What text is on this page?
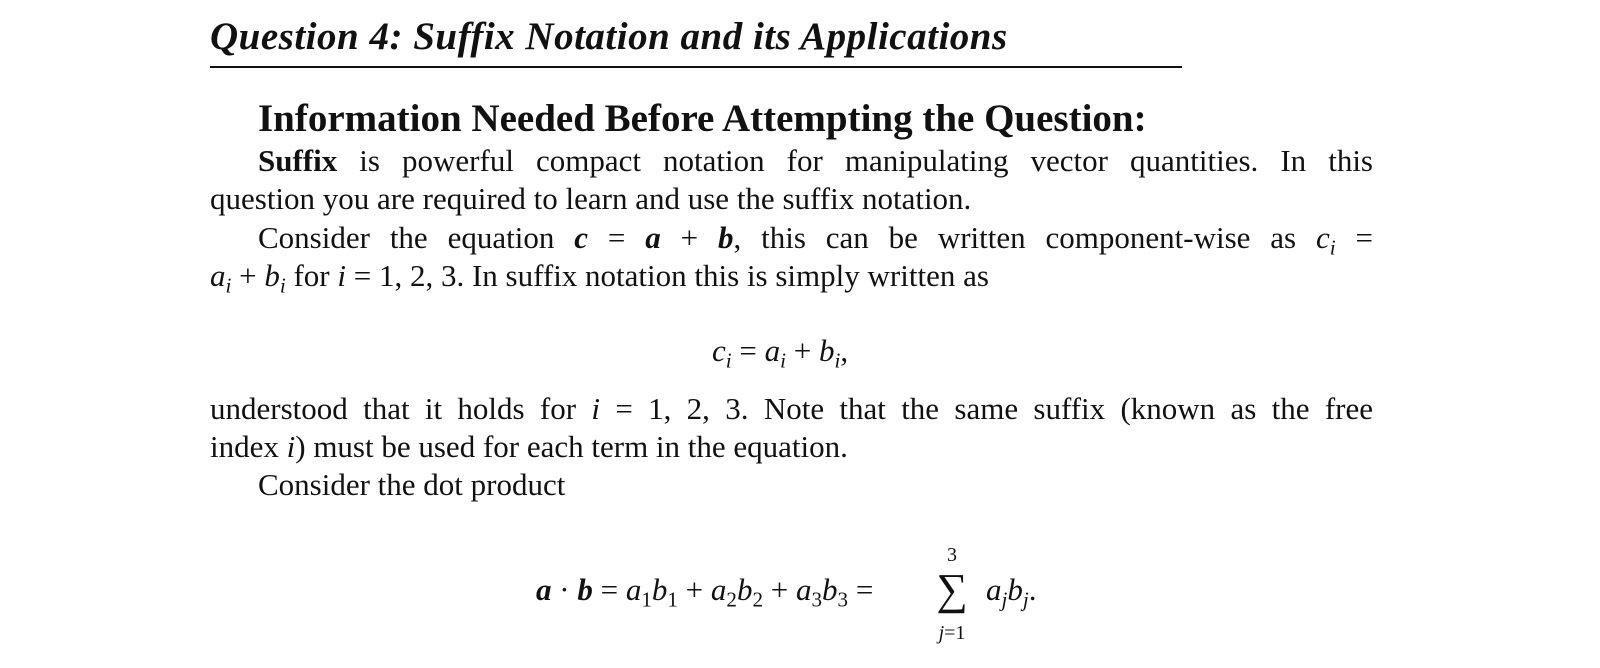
Question 4: Suffix Notation and its Applications
Information Needed Before Attempting the Question:
Suffix is powerful compact notation for manipulating vector quantities. In this
question you are required to learn and use the suffix notation.
Consider the equation c = a + b, this can be written component-wise as $c_i$ =
$a_i + b_i$ for i = 1, 2, 3. In suffix notation this is simply written as
$c_i = a_i + b_i$,
understood that it holds for i = 1, 2, 3. Note that the same suffix (known as the free
index i) must be used for each term in the equation.
Consider the dot product
$a \cdot b = a_1b_1 + a_2b_2 + a_3b_3$ =
3
∑
j=1
$a_jb_j$.
